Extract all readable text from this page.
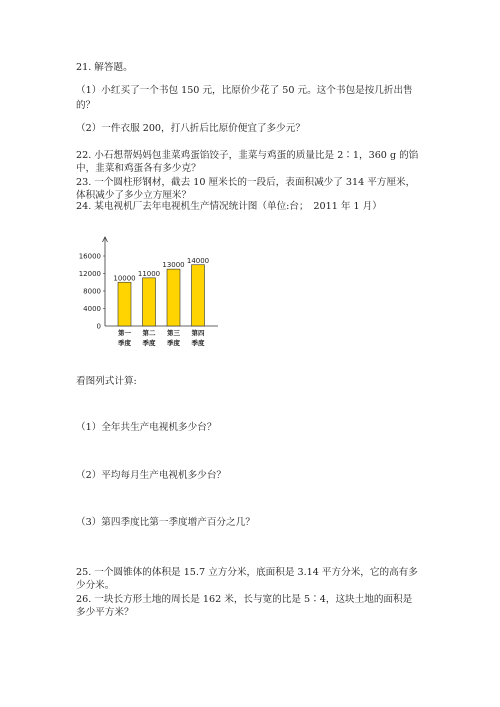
21. 解答题。
（1）小红买了一个书包 150 元，比原价少花了 50 元。这个书包是按几折出售
的？
（2）一件衣服 200，打八折后比原价便宜了多少元？
22. 小石想帮妈妈包韭菜鸡蛋馅饺子，韭菜与鸡蛋的质量比是 2∶1，360 g 的馅
中，韭菜和鸡蛋各有多少克？
23. 一个圆柱形钢材，截去 10 厘米长的一段后，表面积减少了 314 平方厘米，
体积减少了多少立方厘米？
24. 某电视机厂去年电视机生产情况统计图（单位:台；　2011 年 1 月）
0
4000
8000
12000
16000
10000
第一
季度
11000
第二
季度
13000
第三
季度
14000
第四
季度
看图列式计算:
（1）全年共生产电视机多少台？
（2）平均每月生产电视机多少台？
（3）第四季度比第一季度增产百分之几？
25. 一个圆锥体的体积是 15.7 立方分米，底面积是 3.14 平方分米，它的高有多
少分米。
26. 一块长方形土地的周长是 162 米，长与宽的比是 5∶4，这块土地的面积是
多少平方米？
